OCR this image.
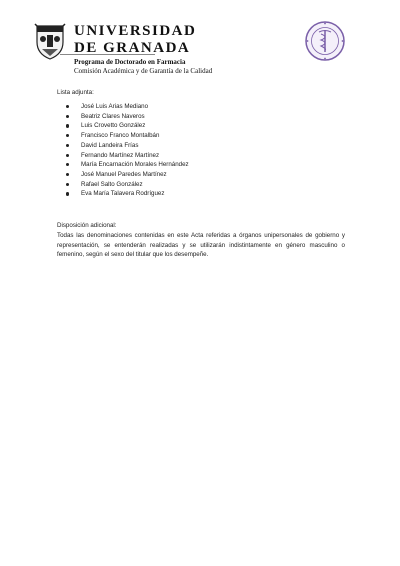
UNIVERSIDAD
DE GRANADA
Programa de Doctorado en Farmacia
Comisión Académica y de Garantía de la Calidad

Lista adjunta:

José Luis Arias Mediano
Beatriz Clares Naveros
Luis Crovetto González
Francisco Franco Montalbán
David Landeira Frías
Fernando Martínez Martínez
María Encarnación Morales Hernández
José Manuel Paredes Martínez
Rafael Salto González
Eva María Talavera Rodríguez

Disposición adicional:

Todas las denominaciones contenidas en este Acta referidas a órganos unipersonales de gobierno y representación, se entenderán realizadas y se utilizarán indistintamente en género masculino o femenino, según el sexo del titular que los desempeñe.
